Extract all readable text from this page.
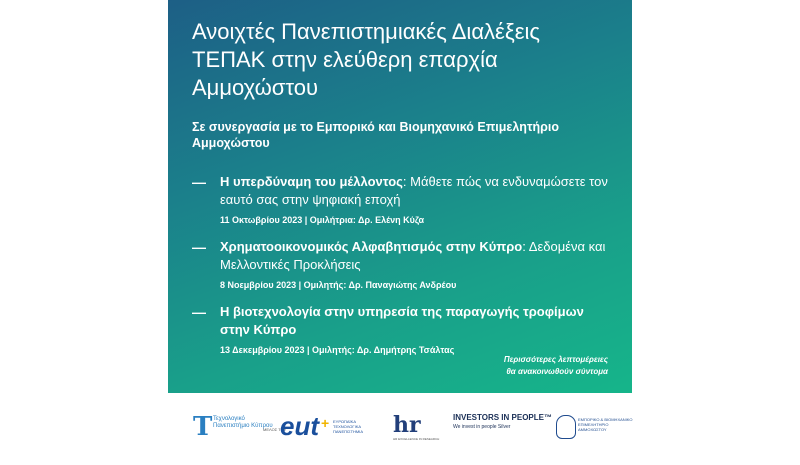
Ανοιχτές Πανεπιστημιακές Διαλέξεις ΤΕΠΑΚ στην ελεύθερη επαρχία Αμμοχώστου
Σε συνεργασία με το Εμπορικό και Βιομηχανικό Επιμελητήριο Αμμοχώστου
— Η υπερδύναμη του μέλλοντος: Μάθετε πώς να ενδυναμώσετε τον εαυτό σας στην ψηφιακή εποχή
11 Οκτωβρίου 2023 | Ομιλήτρια: Δρ. Ελένη Κύζα
— Χρηματοοικονομικός Αλφαβητισμός στην Κύπρο: Δεδομένα και Μελλοντικές Προκλήσεις
8 Νοεμβρίου 2023 | Ομιλητής: Δρ. Παναγιώτης Ανδρέου
— Η βιοτεχνολογία στην υπηρεσία της παραγωγής τροφίμων στην Κύπρο
13 Δεκεμβρίου 2023 | Ομιλητής: Δρ. Δημήτρης Τσάλτας
Περισσότερες λεπτομέρειες
θα ανακοινωθούν σύντομα
Τ Τεχνολογικό Πανεπιστήμιο Κύπρου
ΜΕΛΟΣ ΤΟΥ
eut + ΕΥΡΩΠΑΪΚΑ ΤΕΧΝΟΛΟΓΙΚΑ ΠΑΝΕΠΙΣΤΗΜΙΑ	hr
HR EXCELLENCE IN RESEARCH
INVESTORS IN PEOPLE™
We invest in people Silver
ΕΜΠΟΡΙΚΟ & ΒΙΟΜΗΧΑΝΙΚΟ ΕΠΙΜΕΛΗΤΗΡΙΟ ΑΜΜΟΧΩΣΤΟΥ
